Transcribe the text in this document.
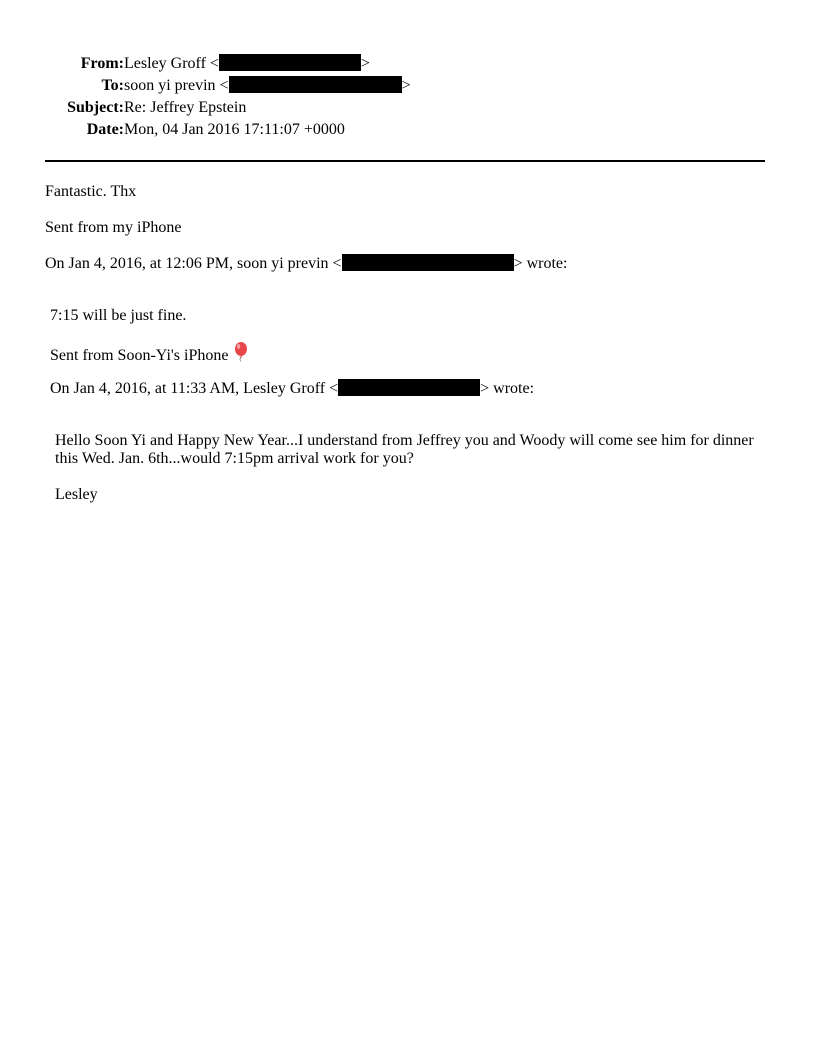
From: Lesley Groff <	>
To: soon yi previn <	>
Subject: Re: Jeffrey Epstein
Date: Mon, 04 Jan 2016 17:11:07 +0000
Fantastic. Thx
Sent from my iPhone
On Jan 4, 2016, at 12:06 PM, soon yi previn <	> wrote:
7:15 will be just fine.
Sent from Soon-Yi's iPhone
On Jan 4, 2016, at 11:33 AM, Lesley Groff <	> wrote:
Hello Soon Yi and Happy New Year...I understand from Jeffrey you and Woody will come see him for dinner this Wed. Jan. 6th...would 7:15pm arrival work for you?
Lesley
